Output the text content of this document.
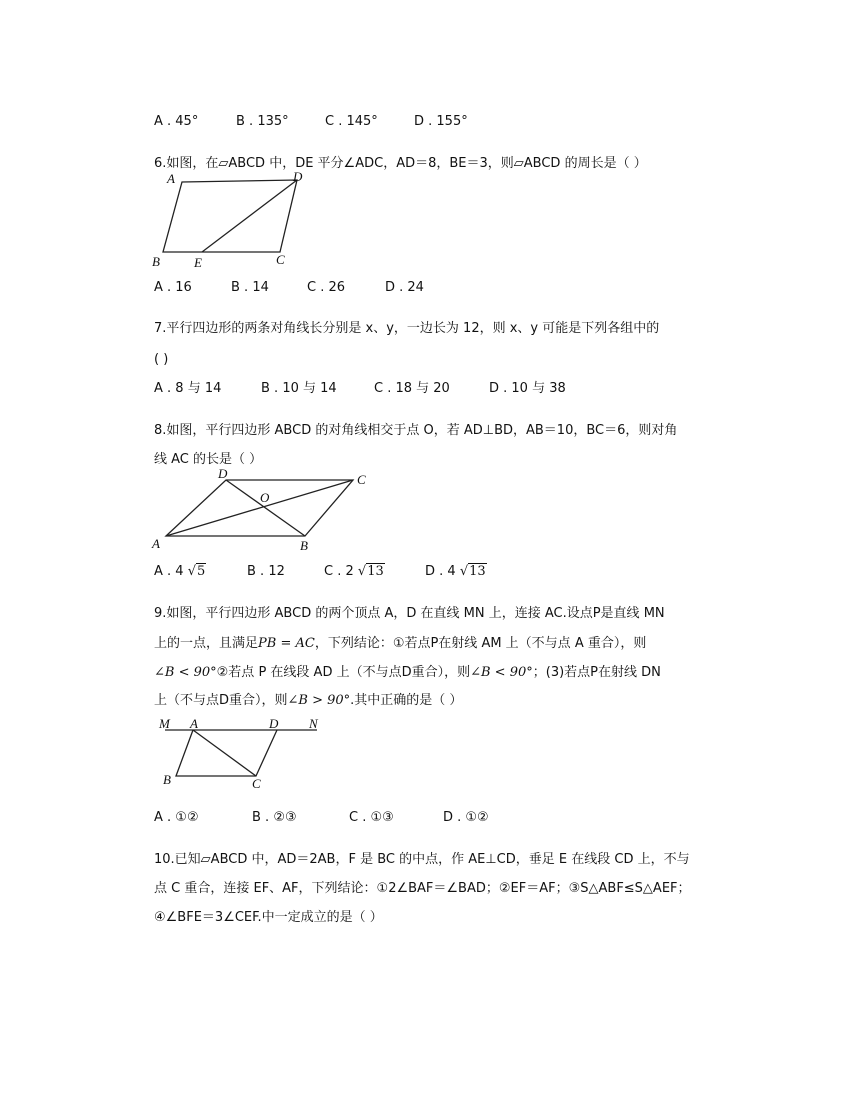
A . 45°	B . 135°	C . 145°	D . 155°
6.如图，在▱ABCD 中，DE 平分∠ADC，AD＝8，BE＝3，则▱ABCD 的周长是（ ）
A	D
B	E	C
A . 16	B . 14	C . 26	D . 24
7.平行四边形的两条对角线长分别是 x、y，一边长为 12，则 x、y 可能是下列各组中的
( )
A . 8 与 14	B . 10 与 14	C . 18 与 20	D . 10 与 38
8.如图，平行四边形 ABCD 的对角线相交于点 O，若 AD⊥BD，AB＝10，BC＝6，则对角
线 AC 的长是（ ）
D	C
O
A	B
A . 4 √5	B . 12	C . 2 √13	D . 4 √13
9.如图，平行四边形 ABCD 的两个顶点 A，D 在直线 MN 上，连接 AC.设点P是直线 MN
上的一点，且满足PB = AC，下列结论：①若点P在射线 AM 上（不与点 A 重合），则
∠B < 90°②若点 P 在线段 AD 上（不与点D重合），则∠B < 90°；(3)若点P在射线 DN
上（不与点D重合），则∠B > 90°.其中正确的是（ ）
M A	D N
B	C
A . ①②	B . ②③	C . ①③	D . ①②
10.已知▱ABCD 中，AD＝2AB，F 是 BC 的中点，作 AE⊥CD，垂足 E 在线段 CD 上，不与
点 C 重合，连接 EF、AF，下列结论：①2∠BAF＝∠BAD；②EF＝AF；③S△ABF≤S△AEF；
④∠BFE＝3∠CEF.中一定成立的是（ ）
